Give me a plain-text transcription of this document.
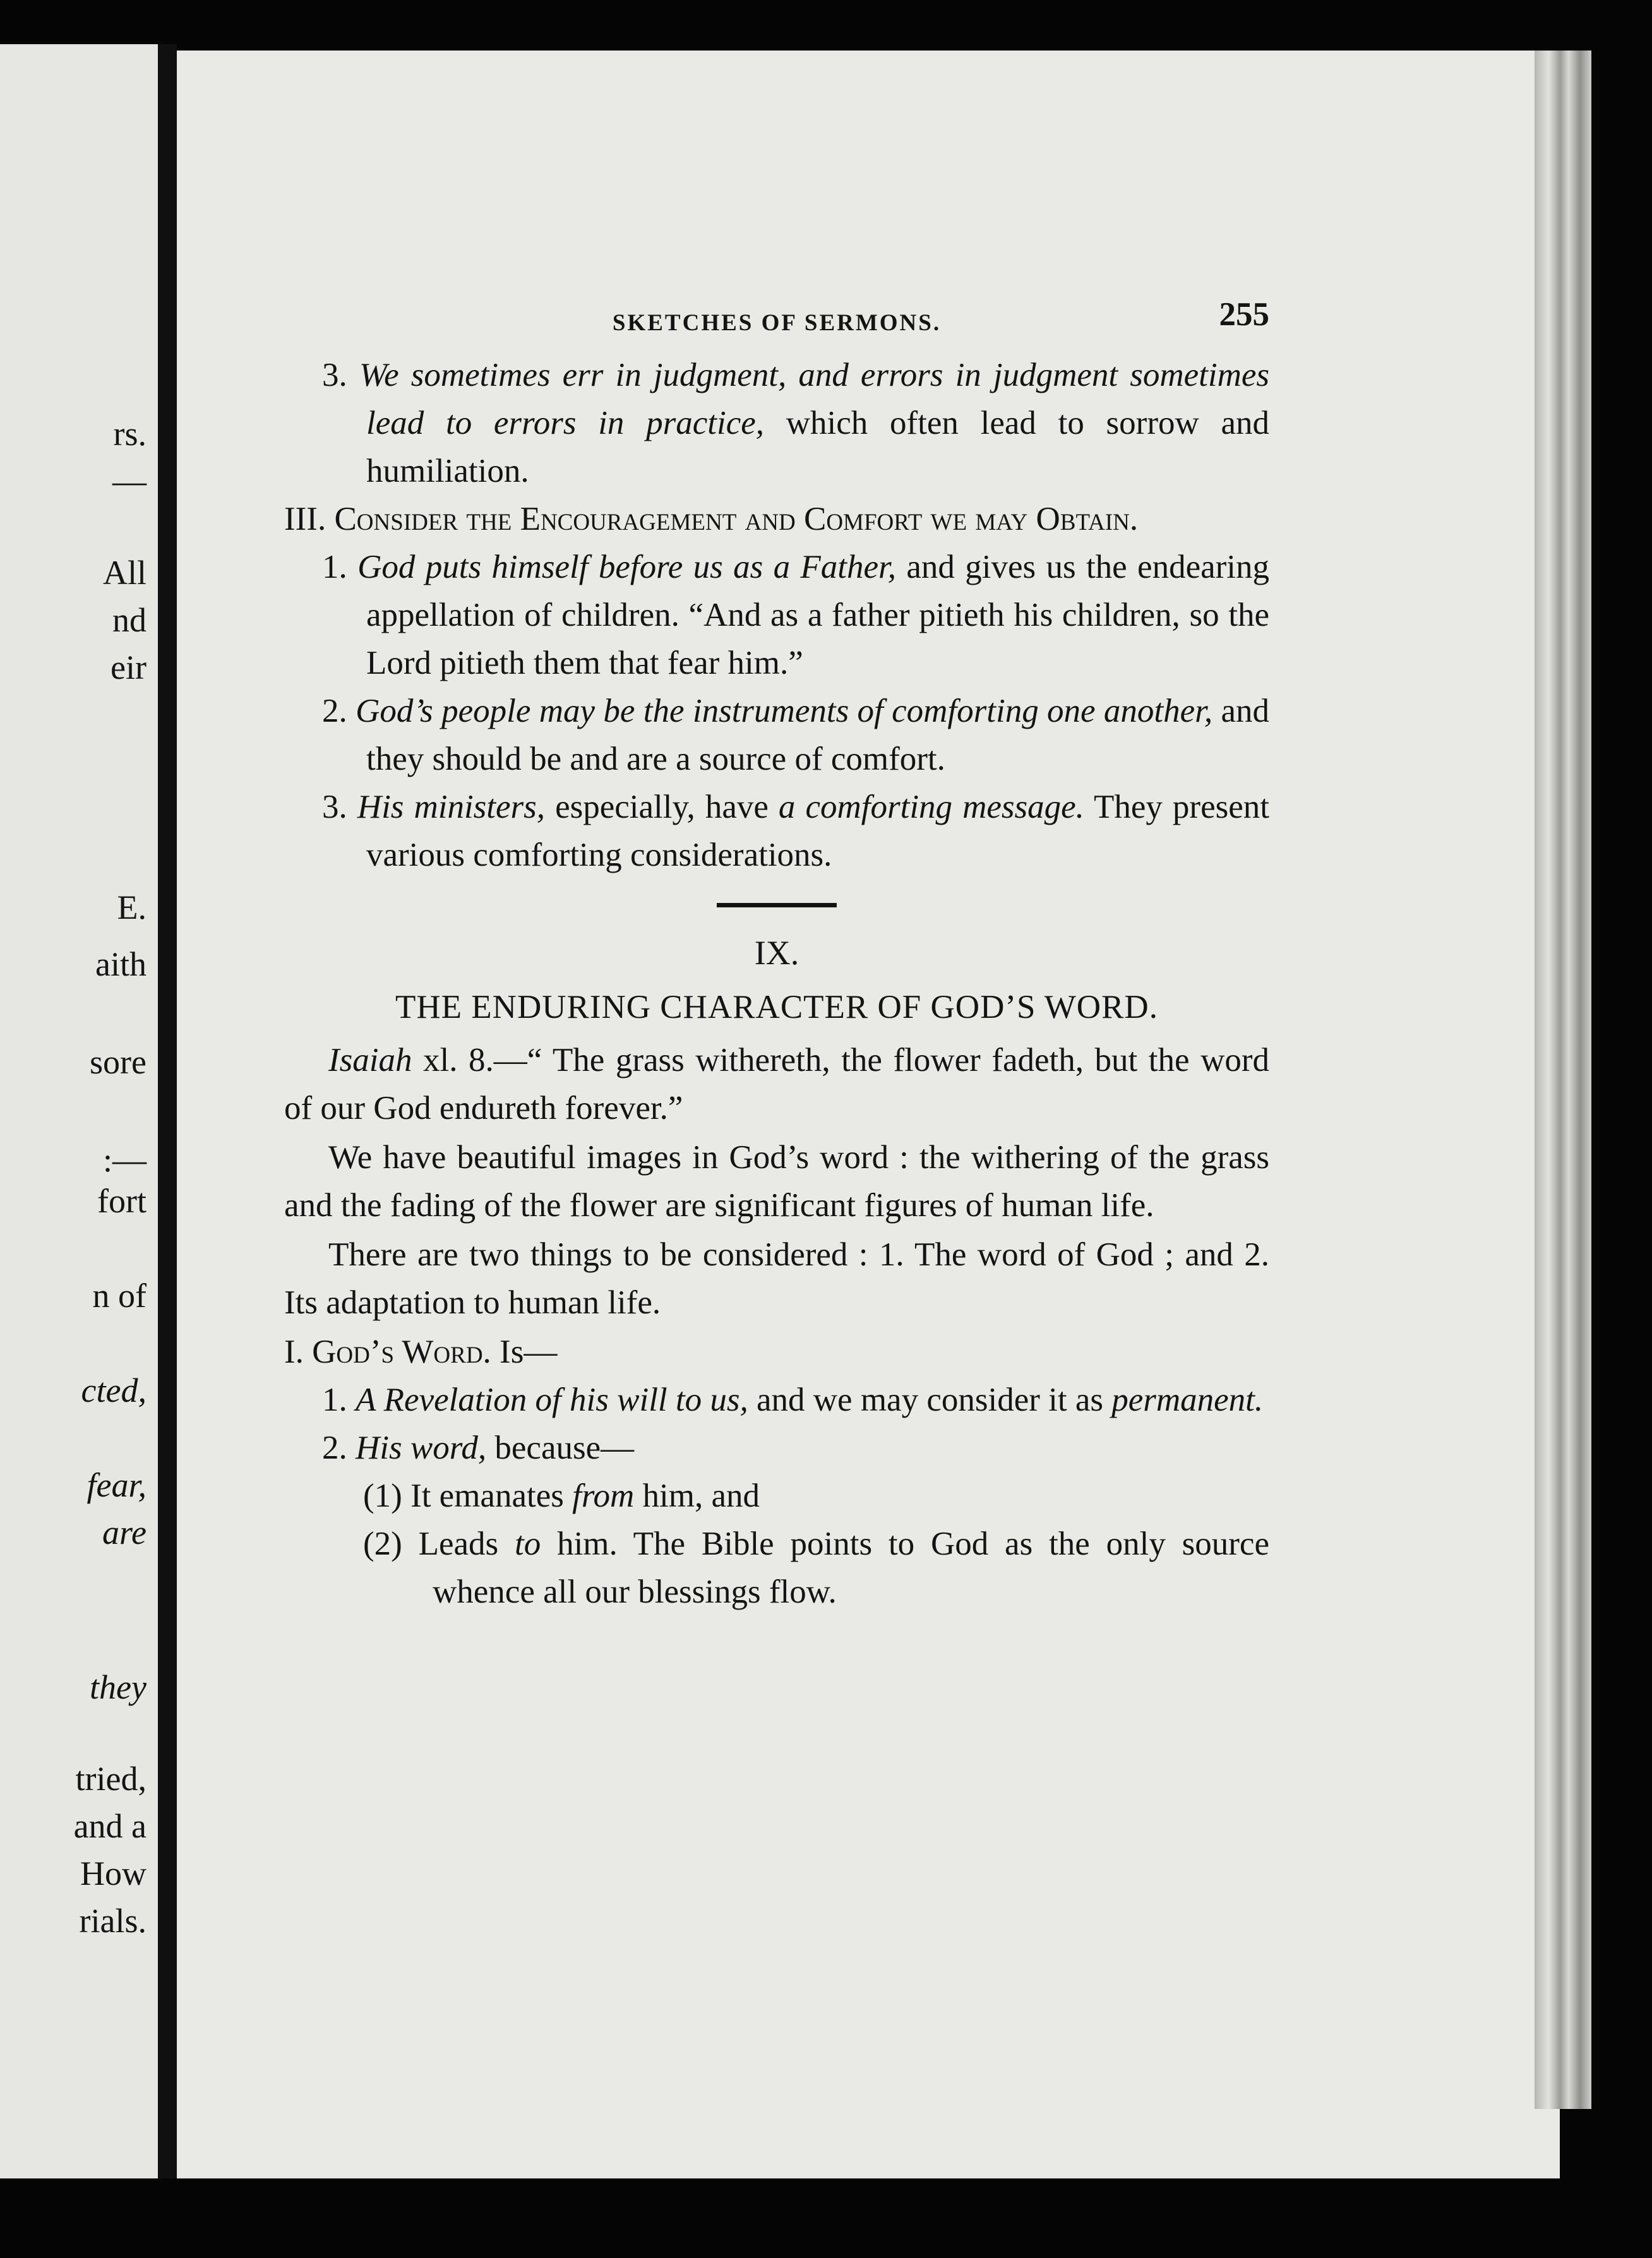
rs.
—
All
nd
eir
E.
aith
sore
:—
fort
n of
cted,
fear,
are
they
tried,
and a
How
rials.
SKETCHES OF SERMONS.	255

3. We sometimes err in judgment, and errors in judgment sometimes lead to errors in practice, which often lead to sorrow and humiliation.

III. Consider the Encouragement and Comfort we may Obtain.

1. God puts himself before us as a Father, and gives us the endearing appellation of children. “And as a father pitieth his children, so the Lord pitieth them that fear him.”

2. God’s people may be the instruments of comforting one another, and they should be and are a source of comfort.

3. His ministers, especially, have a comforting message. They present various comforting considerations.

IX.
THE ENDURING CHARACTER OF GOD’S WORD.

Isaiah xl. 8.—“ The grass withereth, the flower fadeth, but the word of our God endureth forever.”

We have beautiful images in God’s word : the withering of the grass and the fading of the flower are significant figures of human life.

There are two things to be considered : 1. The word of God ; and 2. Its adaptation to human life.

I. God’s Word. Is—

1. A Revelation of his will to us, and we may consider it as permanent.

2. His word, because—

(1) It emanates from him, and

(2) Leads to him. The Bible points to God as the only source whence all our blessings flow.
